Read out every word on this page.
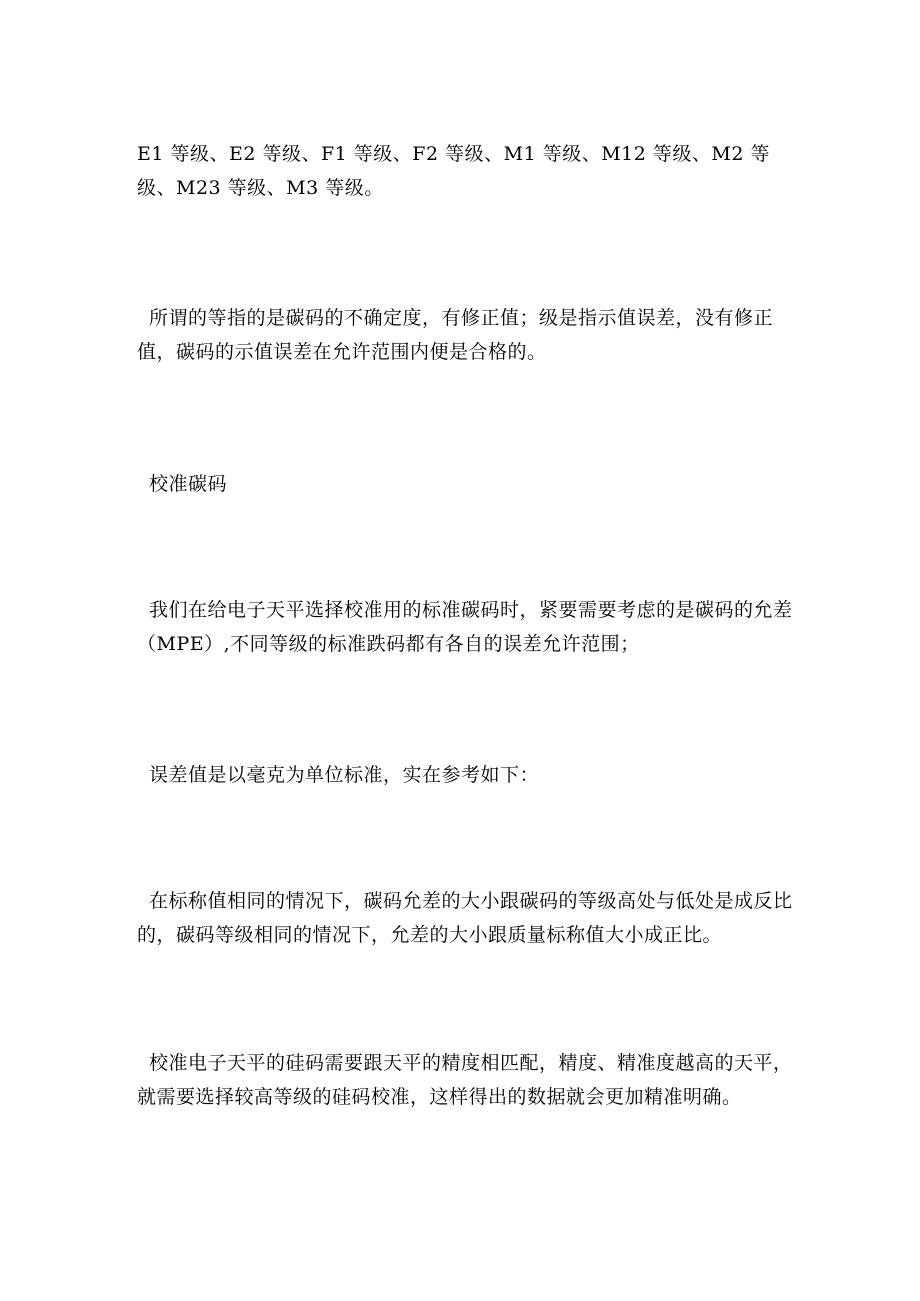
E1 等级、E2 等级、F1 等级、F2 等级、M1 等级、M12 等级、M2 等级、M23 等级、M3 等级。

所谓的等指的是碳码的不确定度，有修正值；级是指示值误差，没有修正值，碳码的示值误差在允许范围内便是合格的。

校准碳码

我们在给电子天平选择校准用的标准碳码时，紧要需要考虑的是碳码的允差（MPE）,不同等级的标准跌码都有各自的误差允许范围；

误差值是以毫克为单位标准，实在参考如下：

在标称值相同的情况下，碳码允差的大小跟碳码的等级高处与低处是成反比的，碳码等级相同的情况下，允差的大小跟质量标称值大小成正比。

校准电子天平的硅码需要跟天平的精度相匹配，精度、精准度越高的天平，就需要选择较高等级的硅码校准，这样得出的数据就会更加精准明确。
